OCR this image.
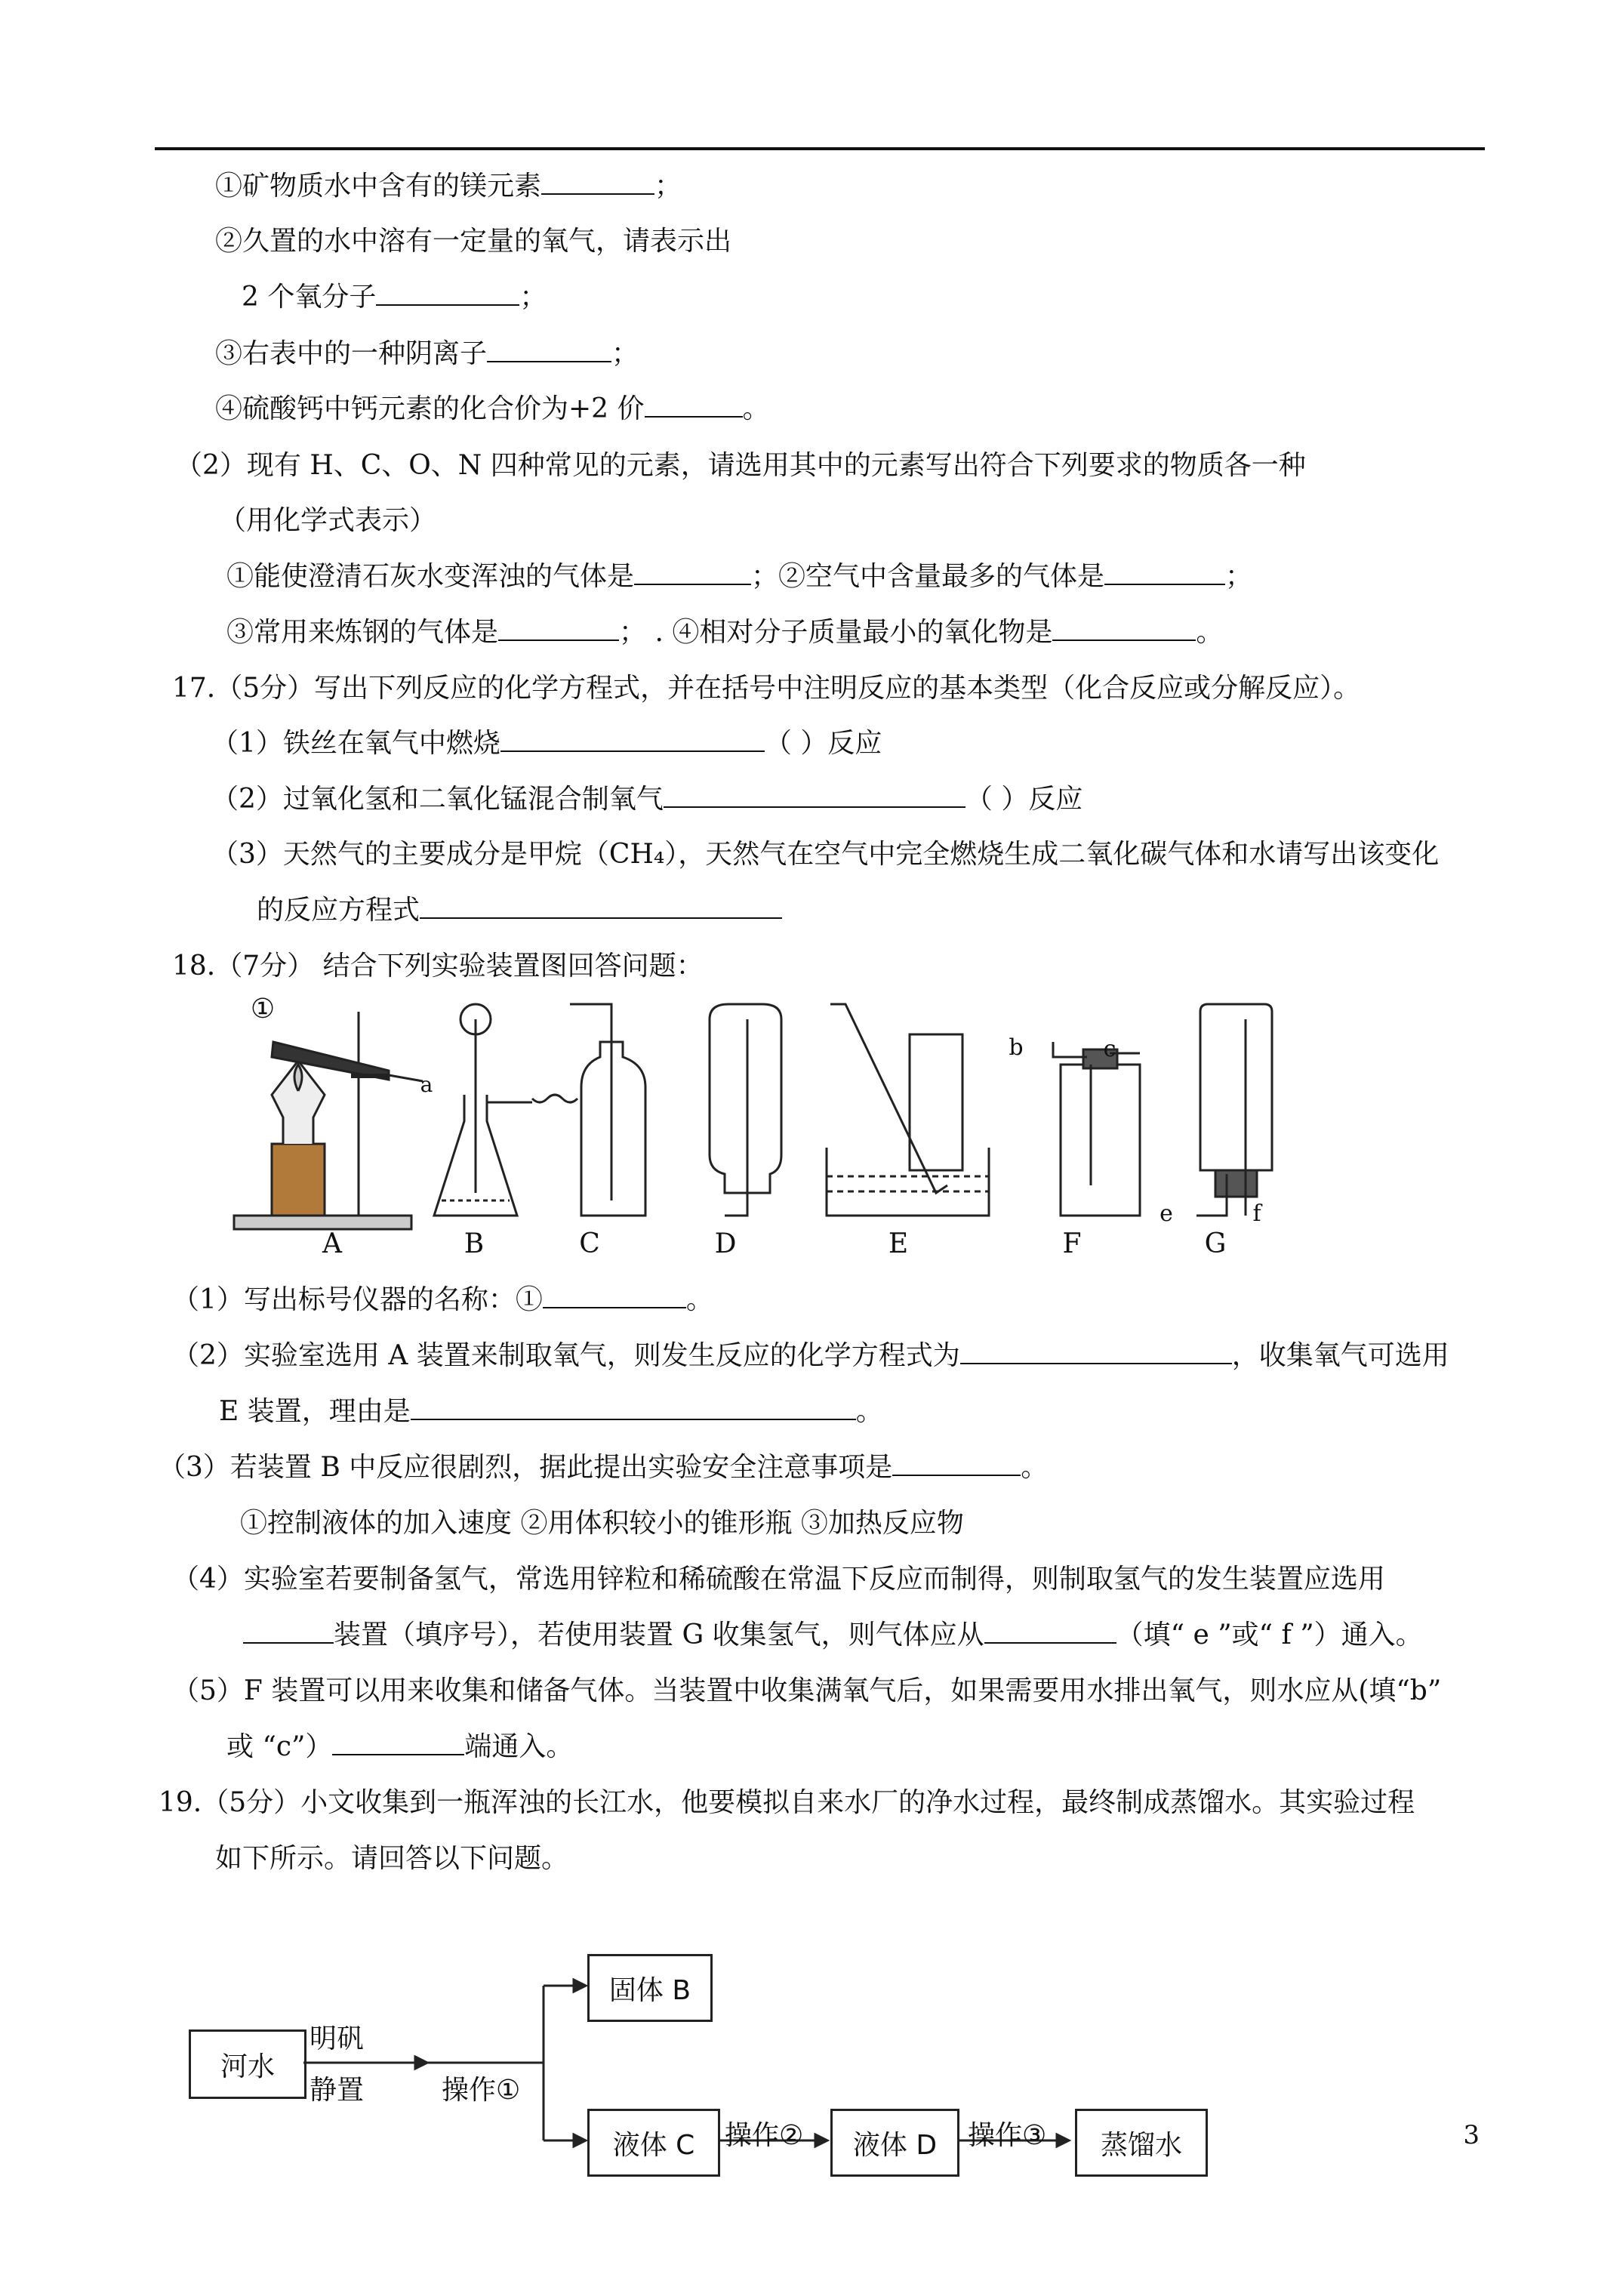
①矿物质水中含有的镁元素	；
②久置的水中溶有一定量的氧气，请表示出
2 个氧分子	；
③右表中的一种阴离子	；
④硫酸钙中钙元素的化合价为+2 价	。
（2）现有 H、C、O、N 四种常见的元素，请选用其中的元素写出符合下列要求的物质各一种
（用化学式表示）
①能使澄清石灰水变浑浊的气体是	；②空气中含量最多的气体是	；
③常用来炼钢的气体是	； . ④相对分子质量最小的氧化物是	。
17.（5分）写出下列反应的化学方程式，并在括号中注明反应的基本类型（化合反应或分解反应）。
（1）铁丝在氧气中燃烧	（ ）反应
（2）过氧化氢和二氧化锰混合制氧气	（ ）反应
（3）天然气的主要成分是甲烷（CH₄），天然气在空气中完全燃烧生成二氧化碳气体和水请写出该变化
的反应方程式
18.（7分） 结合下列实验装置图回答问题：
①
a
b	c
e	f
A	B	C	D	E	F	G
（1）写出标号仪器的名称：①	。
（2）实验室选用 A 装置来制取氧气，则发生反应的化学方程式为	，收集氧气可选用
E 装置，理由是	。
（3）若装置 B 中反应很剧烈，据此提出实验安全注意事项是	。
①控制液体的加入速度 ②用体积较小的锥形瓶 ③加热反应物
（4）实验室若要制备氢气，常选用锌粒和稀硫酸在常温下反应而制得，则制取氢气的发生装置应选用
装置（填序号），若使用装置 G 收集氢气，则气体应从	（填“ e ”或“ f ”）通入。
（5）F 装置可以用来收集和储备气体。当装置中收集满氧气后，如果需要用水排出氧气，则水应从(填“b”
或 “c”）	端通入。
19.（5分）小文收集到一瓶浑浊的长江水，他要模拟自来水厂的净水过程，最终制成蒸馏水。其实验过程
如下所示。请回答以下问题。
河水
明矾
静置	操作①
固体 B
液体 C 操作② 液体 D 操作③ 蒸馏水	3
